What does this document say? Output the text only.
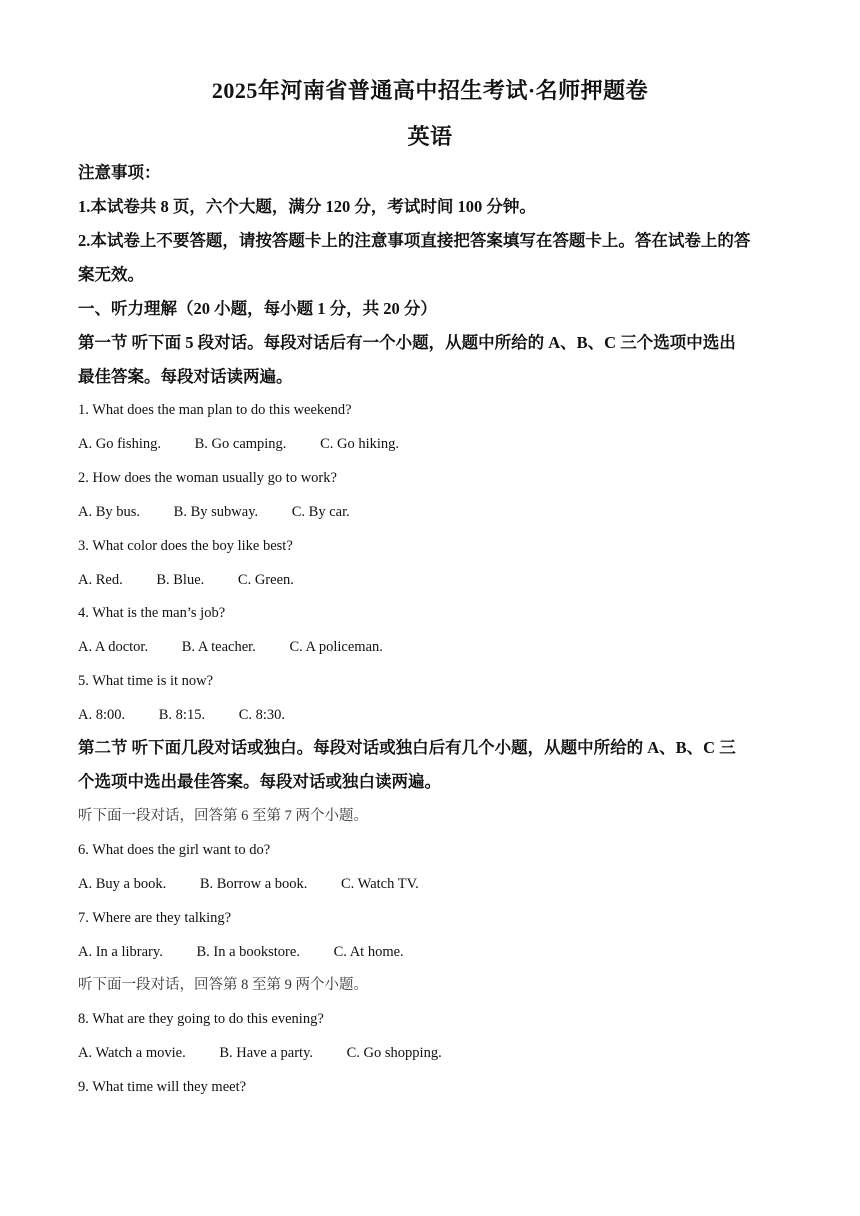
2025年河南省普通高中招生考试·名师押题卷
英语
注意事项：
1.本试卷共 8 页，六个大题，满分 120 分，考试时间 100 分钟。
2.本试卷上不要答题，请按答题卡上的注意事项直接把答案填写在答题卡上。答在试卷上的答
案无效。
一、听力理解（20 小题，每小题 1 分，共 20 分）
第一节 听下面 5 段对话。每段对话后有一个小题，从题中所给的 A、B、C 三个选项中选出
最佳答案。每段对话读两遍。
1. What does the man plan to do this weekend?
A. Go fishing. B. Go camping. C. Go hiking.
2. How does the woman usually go to work?
A. By bus. B. By subway. C. By car.
3. What color does the boy like best?
A. Red. B. Blue. C. Green.
4. What is the man’s job?
A. A doctor. B. A teacher. C. A policeman.
5. What time is it now?
A. 8:00. B. 8:15. C. 8:30.
第二节 听下面几段对话或独白。每段对话或独白后有几个小题，从题中所给的 A、B、C 三
个选项中选出最佳答案。每段对话或独白读两遍。
听下面一段对话，回答第 6 至第 7 两个小题。
6. What does the girl want to do?
A. Buy a book. B. Borrow a book. C. Watch TV.
7. Where are they talking?
A. In a library. B. In a bookstore. C. At home.
听下面一段对话，回答第 8 至第 9 两个小题。
8. What are they going to do this evening?
A. Watch a movie. B. Have a party. C. Go shopping.
9. What time will they meet?
